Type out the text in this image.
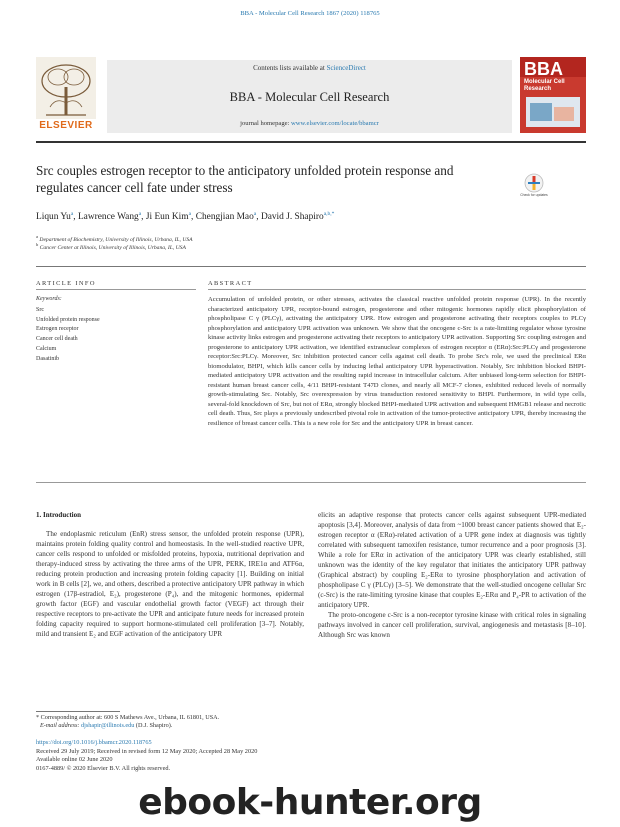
BBA - Molecular Cell Research 1867 (2020) 118765
ELSEVIER
Contents lists available at ScienceDirect
BBA - Molecular Cell Research
journal homepage: www.elsevier.com/locate/bbamcr
BBA
Molecular Cell Research
Src couples estrogen receptor to the anticipatory unfolded protein response and regulates cancer cell fate under stress	Check for updates
Liqun Yu$^a$, Lawrence Wang$^a$, Ji Eun Kim$^a$, Chengjian Mao$^a$, David J. Shapiro$^{a,b,*}$
$^a$ Department of Biochemistry, University of Illinois, Urbana, IL, USA
$^b$ Cancer Center at Illinois, University of Illinois, Urbana, IL, USA
ARTICLE INFO
Keywords:
Src
Unfolded protein response
Estrogen receptor
Cancer cell death
Calcium
Dasatinib
ABSTRACT
Accumulation of unfolded protein, or other stresses, activates the classical reactive unfolded protein response (UPR). In the recently characterized anticipatory UPR, receptor-bound estrogen, progesterone and other mitogenic hormones rapidly elicit phosphorylation of phospholipase C γ (PLCγ), activating the anticipatory UPR. How estrogen and progesterone activating their receptors couples to PLCγ phosphorylation and anticipatory UPR activation was unknown. We show that the oncogene c-Src is a rate-limiting regulator whose tyrosine kinase activity links estrogen and progesterone activating their receptors to anticipatory UPR activation. Supporting Src coupling estrogen and progesterone to anticipatory UPR activation, we identified extranuclear complexes of estrogen receptor α (ERα):Src:PLCγ and progesterone receptor:Src:PLCγ. Moreover, Src inhibition protected cancer cells against cell death. To probe Src's role, we used the preclinical ERα biomodulator, BHPI, which kills cancer cells by inducing lethal anticipatory UPR hyperactivation. Notably, Src inhibition blocked BHPI-mediated anticipatory UPR activation and the resulting rapid increase in intracellular calcium. After unbiased long-term selection for BHPI-resistant human breast cancer cells, 4/11 BHPI-resistant T47D clones, and nearly all MCF-7 clones, exhibited reduced levels of normally growth-stimulating Src. Notably, Src overexpression by virus transduction restored sensitivity to BHPI. Furthermore, in wild type cells, several-fold knockdown of Src, but not of ERα, strongly blocked BHPI-mediated UPR activation and subsequent HMGB1 release and necrotic cell death. Thus, Src plays a previously undescribed pivotal role in activation of the tumor-protective anticipatory UPR, thereby increasing the resilience of breast cancer cells. This is a new role for Src and the anticipatory UPR in breast cancer.
1. Introduction
The endoplasmic reticulum (EnR) stress sensor, the unfolded protein response (UPR), maintains protein folding quality control and homeostasis. In the well-studied reactive UPR, cancer cells respond to unfolded or misfolded proteins, hypoxia, nutritional deprivation and therapy-induced stress by activating the three arms of the UPR, PERK, IRE1α and ATF6α, reducing protein production and increasing protein folding capacity [1]. Building on initial work in B cells [2], we, and others, described a protective anticipatory UPR pathway in which estrogen (17β-estradiol, E₂), progesterone (P₄), and the mitogenic hormones, epidermal growth factor (EGF) and vascular endothelial growth factor (VEGF) act through their respective receptors to pre-activate the UPR and anticipate future needs for increased protein folding capacity required to support hormone-stimulated cell proliferation [3–7]. Notably, mild and transient E₂ and EGF activation of the anticipatory UPR

elicits an adaptive response that protects cancer cells against subsequent UPR-mediated apoptosis [3,4]. Moreover, analysis of data from ~1000 breast cancer patients showed that E₂-estrogen receptor α (ERα)-related activation of a UPR gene index at diagnosis was tightly correlated with subsequent tamoxifen resistance, tumor recurrence and a poor prognosis [3]. While a role for ERα in activation of the anticipatory UPR was clearly established, still unknown was the identity of the key regulator that initiates the anticipatory UPR pathway (Graphical abstract) by coupling E₂-ERα to tyrosine phosphorylation and activation of phospholipase C γ (PLCγ) [3–5]. We demonstrate that the well-studied oncogene cellular Src (c-Src) is the rate-limiting tyrosine kinase that couples E₂-ERα and P₄-PR to activation of the anticipatory UPR.

The proto-oncogene c-Src is a non-receptor tyrosine kinase with critical roles in signaling pathways involved in cancer cell proliferation, survival, angiogenesis and metastasis [8–10]. Although Src was known

* Corresponding author at: 600 S Mathews Ave., Urbana, IL 61801, USA.
E-mail address: djshapir@illinois.edu (D.J. Shapiro).
https://doi.org/10.1016/j.bbamcr.2020.118765
Received 29 July 2019; Received in revised form 12 May 2020; Accepted 28 May 2020
Available online 02 June 2020
0167-4889/ © 2020 Elsevier B.V. All rights reserved.
ebook-hunter.org
